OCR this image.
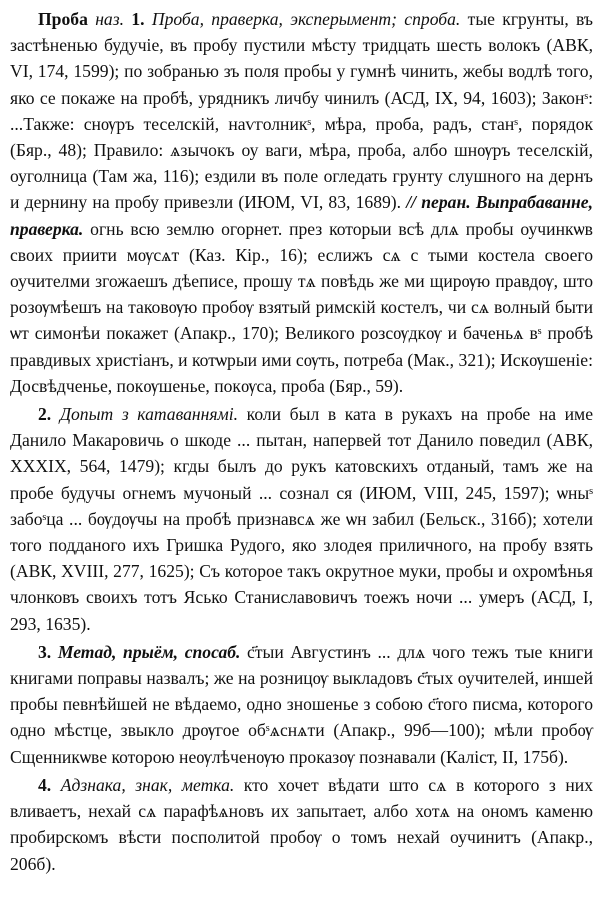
Проба наз. 1. Проба, праверка, эксперымент; спроба. тые кгрунты, въ застѣненью будучіе, въ пробу пустили мѣсту тридцать шесть волокъ (АВК, VI, 174, 1599); по зобранью зъ поля пробы у гумнѣ чинить, жебы водлѣ того, яко се покаже на пробѣ, урядникъ личбу чинилъ (АСД, IX, 94, 1603); Законˢ: ...Также: снѹръ теселскій, наѵголникˢ, мѣра, проба, радъ, станˢ, порядок (Бяр., 48); Правило: ѧзычокъ оу ваги, мѣра, проба, албо шнѹръ теселскій, оуголница (Там жа, 116); ездили въ поле огледать грунту слушного на дернъ и дернину на пробу привезли (ИЮМ, VI, 83, 1689). // перан. Выпрабаванне, праверка. огнь всю землю огорнет. през которыи всѣ длѧ пробы оучинкѡв своих приити мѹсѧт (Каз. Кір., 16); еслижъ сѧ с тыми костела своего оучителми згожаешъ дѣеписе, прошу тѧ повѣдь же ми щирѹю правдѹ, што розѹмѣешъ на таковѹю пробѹ взятый римскій костелъ, чи сѧ волный быти ѡт симонѣи покажет (Апакр., 170); Великого розсѹдкѹ и баченьѧ вˢ пробѣ правдивых христіанъ, и котѡрыи ими сѹть, потреба (Мак., 321); Искѹшеніе: Досвѣдченье, покѹшенье, покѹса, проба (Бяр., 59).

2. Допыт з катаваннямі. коли был в ката в рукахъ на пробе на име Данило Макаровичь о шкоде ... пытан, напервей тот Данило поведил (АВК, XXXIX, 564, 1479); кгды былъ до рукъ катовскихъ отданый, тамъ же на пробе будучы огнемъ мучоный ... сознал ся (ИЮМ, VIII, 245, 1597); ѡныˢ забоˢца ... бѹдѹчы на пробѣ признавсѧ же ѡн забил (Бельск., 316б); хотели того подданого ихъ Гришка Рудого, яко злодея приличного, на пробу взять (АВК, XVIII, 277, 1625); Съ которое такъ окрутное муки, пробы и охромѣнья члонковъ своихъ тотъ Ясько Станиславовичъ тоежъ ночи ... умеръ (АСД, I, 293, 1635).

3. Метад, прыём, спосаб. с҃тыи Августинъ ... длѧ чого тежъ тые книги книгами поправы назвалъ; же на розницѹ выкладовъ с҃тых оучителей, иншей пробы певнѣйшей не вѣдаемо, одно зношенье з собою с҃того писма, которого одно мѣстце, звыкло дрѹгое обˢѧснѧти (Апакр., 99б—100); мѣли пробѹ Сщенникѡве которою неѹлѣченѹю проказѹ познавали (Каліст, II, 175б).

4. Адзнака, знак, метка. кто хочет вѣдати што сѧ в которого з них вливаетъ, нехай сѧ парафѣѧновъ их запытает, албо хотѧ на ономъ каменю пробирскомъ вѣсти посполитой пробѹ о томъ нехай оучинитъ (Апакр., 206б).
